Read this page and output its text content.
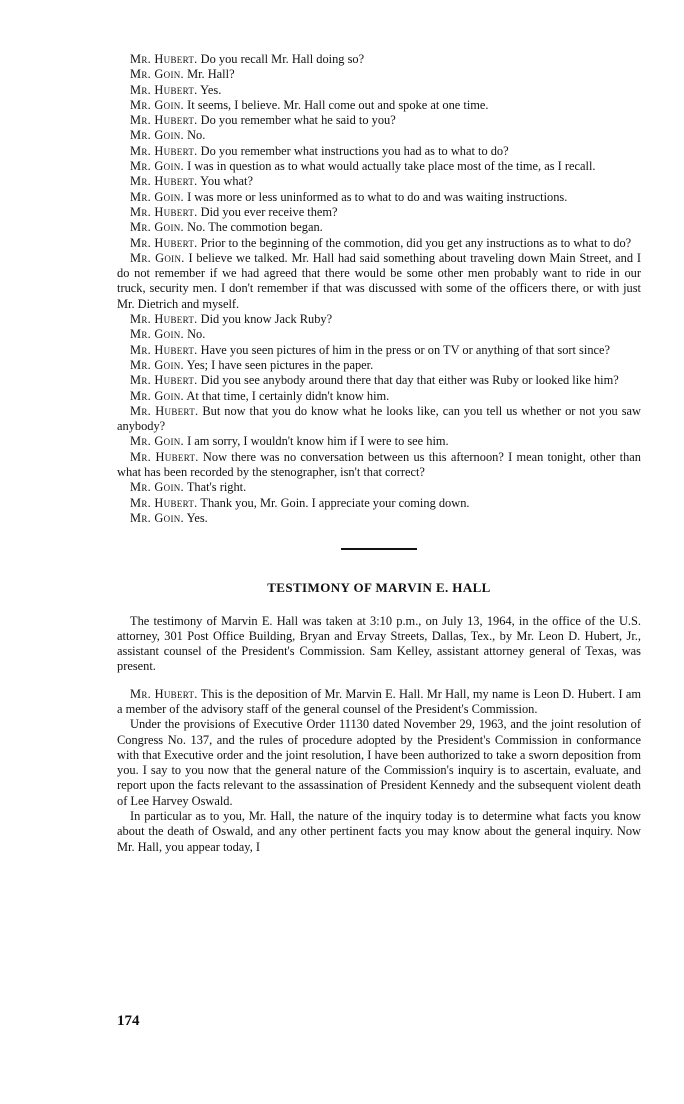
Mr. Hubert. Do you recall Mr. Hall doing so?

Mr. Goin. Mr. Hall?

Mr. Hubert. Yes.

Mr. Goin. It seems, I believe. Mr. Hall come out and spoke at one time.

Mr. Hubert. Do you remember what he said to you?

Mr. Goin. No.

Mr. Hubert. Do you remember what instructions you had as to what to do?

Mr. Goin. I was in question as to what would actually take place most of the time, as I recall.

Mr. Hubert. You what?

Mr. Goin. I was more or less uninformed as to what to do and was waiting instructions.

Mr. Hubert. Did you ever receive them?

Mr. Goin. No. The commotion began.

Mr. Hubert. Prior to the beginning of the commotion, did you get any instructions as to what to do?

Mr. Goin. I believe we talked. Mr. Hall had said something about traveling down Main Street, and I do not remember if we had agreed that there would be some other men probably want to ride in our truck, security men. I don't remember if that was discussed with some of the officers there, or with just Mr. Dietrich and myself.

Mr. Hubert. Did you know Jack Ruby?

Mr. Goin. No.

Mr. Hubert. Have you seen pictures of him in the press or on TV or anything of that sort since?

Mr. Goin. Yes; I have seen pictures in the paper.

Mr. Hubert. Did you see anybody around there that day that either was Ruby or looked like him?

Mr. Goin. At that time, I certainly didn't know him.

Mr. Hubert. But now that you do know what he looks like, can you tell us whether or not you saw anybody?

Mr. Goin. I am sorry, I wouldn't know him if I were to see him.

Mr. Hubert. Now there was no conversation between us this afternoon? I mean tonight, other than what has been recorded by the stenographer, isn't that correct?

Mr. Goin. That's right.

Mr. Hubert. Thank you, Mr. Goin. I appreciate your coming down.

Mr. Goin. Yes.

TESTIMONY OF MARVIN E. HALL

The testimony of Marvin E. Hall was taken at 3:10 p.m., on July 13, 1964, in the office of the U.S. attorney, 301 Post Office Building, Bryan and Ervay Streets, Dallas, Tex., by Mr. Leon D. Hubert, Jr., assistant counsel of the President's Commission. Sam Kelley, assistant attorney general of Texas, was present.

Mr. Hubert. This is the deposition of Mr. Marvin E. Hall. Mr Hall, my name is Leon D. Hubert. I am a member of the advisory staff of the general counsel of the President's Commission.

Under the provisions of Executive Order 11130 dated November 29, 1963, and the joint resolution of Congress No. 137, and the rules of procedure adopted by the President's Commission in conformance with that Executive order and the joint resolution, I have been authorized to take a sworn deposition from you. I say to you now that the general nature of the Commission's inquiry is to ascertain, evaluate, and report upon the facts relevant to the assassination of President Kennedy and the subsequent violent death of Lee Harvey Oswald.

In particular as to you, Mr. Hall, the nature of the inquiry today is to determine what facts you know about the death of Oswald, and any other pertinent facts you may know about the general inquiry. Now Mr. Hall, you appear today, I

174
